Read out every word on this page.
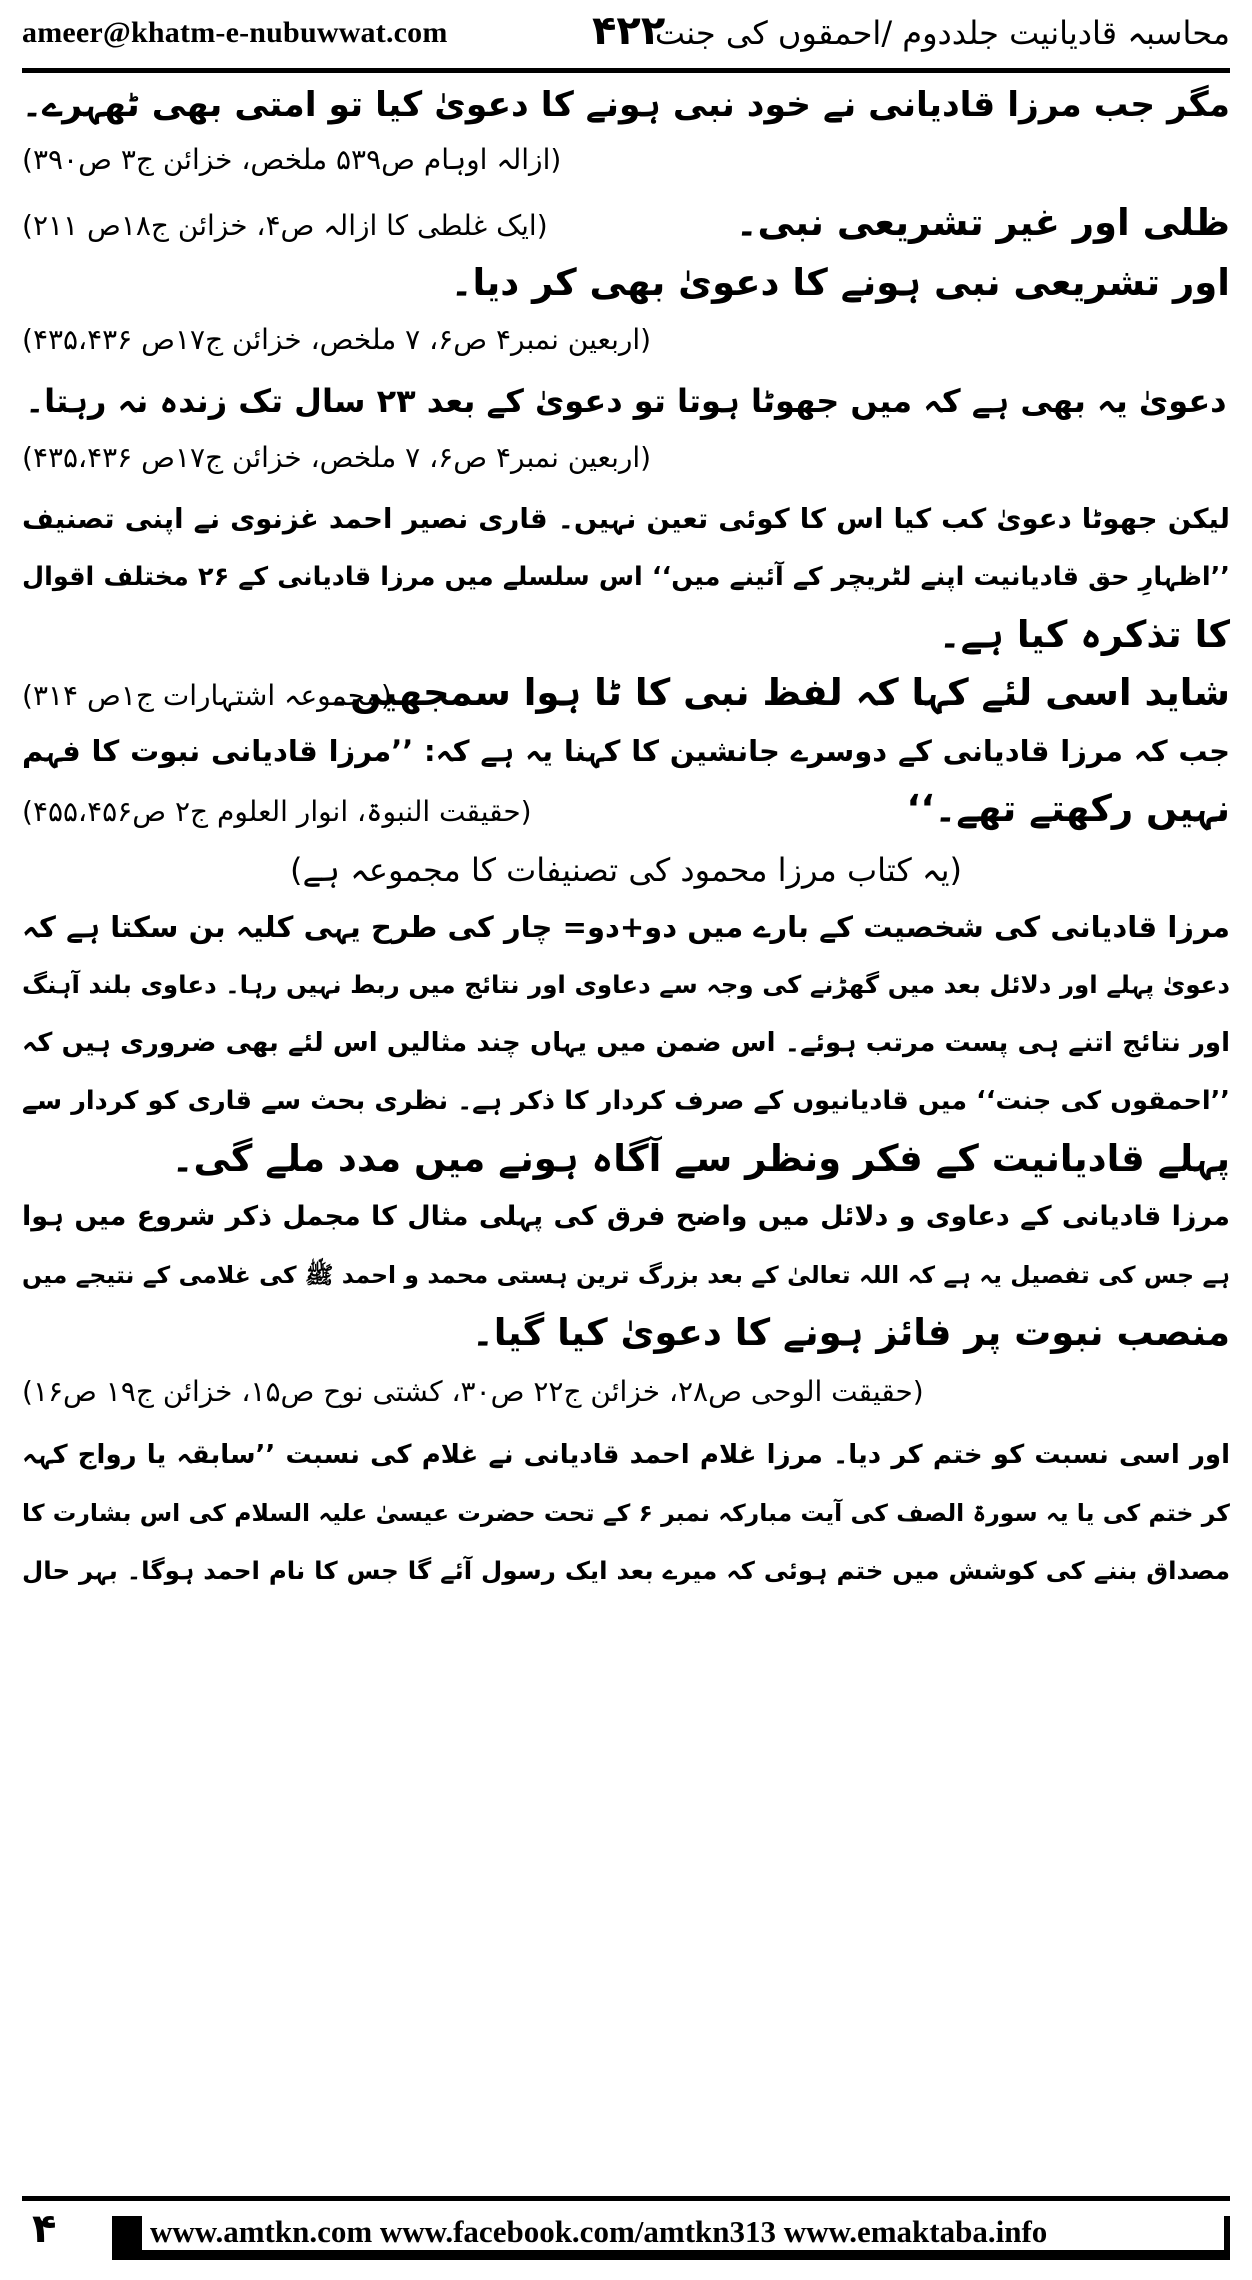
ameer@khatm-e-nubuwwat.com	۴۲۲
محاسبہ قادیانیت جلددوم /احمقوں کی جنت
مگر جب مرزا قادیانی نے خود نبی ہونے کا دعویٰ کیا تو امتی بھی ٹھہرے۔
(ازالہ اوہام ص۵۳۹ ملخص، خزائن ج۳ ص۳۹۰)
ظلی اور غیر تشریعی نبی۔
(ایک غلطی کا ازالہ ص۴، خزائن ج۱۸ص ۲۱۱)
اور تشریعی نبی ہونے کا دعویٰ بھی کر دیا۔
(اربعین نمبر۴ ص۶، ۷ ملخص، خزائن ج۱۷ص ۴۳۵،۴۳۶)
دعویٰ یہ بھی ہے کہ میں جھوٹا ہوتا تو دعویٰ کے بعد ۲۳ سال تک زندہ نہ رہتا۔
(اربعین نمبر۴ ص۶، ۷ ملخص، خزائن ج۱۷ص ۴۳۵،۴۳۶)
لیکن جھوٹا دعویٰ کب کیا اس کا کوئی تعین نہیں۔ قاری نصیر احمد غزنوی نے اپنی تصنیف
’’اظہارِ حق قادیانیت اپنے لٹریچر کے آئینے میں‘‘ اس سلسلے میں مرزا قادیانی کے ۲۶ مختلف اقوال
کا تذکرہ کیا ہے۔
شاید اسی لئے کہا کہ لفظ نبی کا ٹا ہوا سمجھیں۔
(مجموعہ اشتہارات ج۱ص ۳۱۴)
جب کہ مرزا قادیانی کے دوسرے جانشین کا کہنا یہ ہے کہ: ’’مرزا قادیانی نبوت کا فہم
نہیں رکھتے تھے۔‘‘
(حقیقت النبوۃ، انوار العلوم ج۲ ص۴۵۵،۴۵۶)
(یہ کتاب مرزا محمود کی تصنیفات کا مجموعہ ہے)
مرزا قادیانی کی شخصیت کے بارے میں دو+دو= چار کی طرح یہی کلیہ بن سکتا ہے کہ
دعویٰ پہلے اور دلائل بعد میں گھڑنے کی وجہ سے دعاوی اور نتائج میں ربط نہیں رہا۔ دعاوی بلند آہنگ
اور نتائج اتنے ہی پست مرتب ہوئے۔ اس ضمن میں یہاں چند مثالیں اس لئے بھی ضروری ہیں کہ
’’احمقوں کی جنت‘‘ میں قادیانیوں کے صرف کردار کا ذکر ہے۔ نظری بحث سے قاری کو کردار سے
پہلے قادیانیت کے فکر ونظر سے آگاہ ہونے میں مدد ملے گی۔
مرزا قادیانی کے دعاوی و دلائل میں واضح فرق کی پہلی مثال کا مجمل ذکر شروع میں ہوا
ہے جس کی تفصیل یہ ہے کہ اللہ تعالیٰ کے بعد بزرگ ترین ہستی محمد و احمد ﷺ کی غلامی کے نتیجے میں
منصب نبوت پر فائز ہونے کا دعویٰ کیا گیا۔
(حقیقت الوحی ص۲۸، خزائن ج۲۲ ص۳۰، کشتی نوح ص۱۵، خزائن ج۱۹ ص۱۶)
اور اسی نسبت کو ختم کر دیا۔ مرزا غلام احمد قادیانی نے غلام کی نسبت ’’سابقہ یا رواج کہہ
کر ختم کی یا یہ سورۃ الصف کی آیت مبارکہ نمبر ۶ کے تحت حضرت عیسیٰ علیہ السلام کی اس بشارت کا
مصداق بننے کی کوشش میں ختم ہوئی کہ میرے بعد ایک رسول آئے گا جس کا نام احمد ہوگا۔ بہر حال
۴	www.amtkn.com www.facebook.com/amtkn313 www.emaktaba.info
